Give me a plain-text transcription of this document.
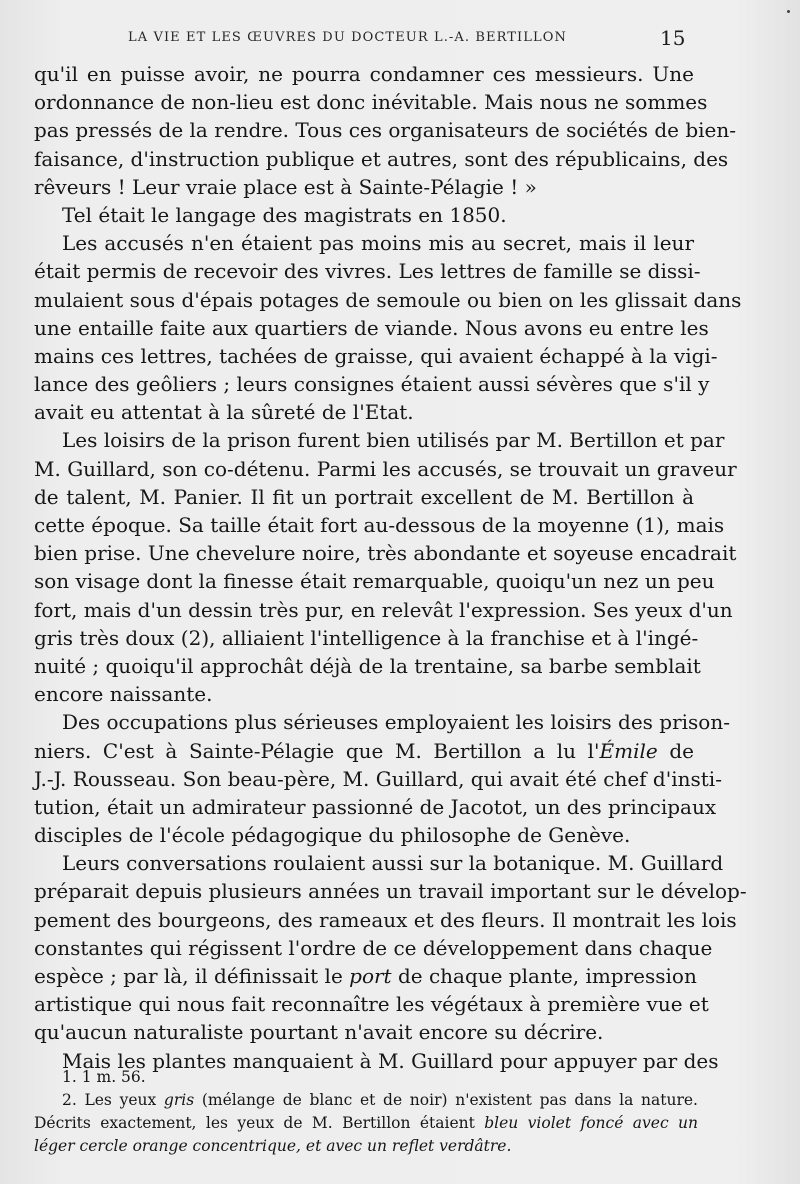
LA VIE ET LES ŒUVRES DU DOCTEUR L.-A. BERTILLON	15
qu'il en puisse avoir, ne pourra condamner ces messieurs. Une
ordonnance de non-lieu est donc inévitable. Mais nous ne sommes
pas pressés de la rendre. Tous ces organisateurs de sociétés de bien-
faisance, d'instruction publique et autres, sont des républicains, des
rêveurs ! Leur vraie place est à Sainte-Pélagie ! »
Tel était le langage des magistrats en 1850.
Les accusés n'en étaient pas moins mis au secret, mais il leur
était permis de recevoir des vivres. Les lettres de famille se dissi-
mulaient sous d'épais potages de semoule ou bien on les glissait dans
une entaille faite aux quartiers de viande. Nous avons eu entre les
mains ces lettres, tachées de graisse, qui avaient échappé à la vigi-
lance des geôliers ; leurs consignes étaient aussi sévères que s'il y
avait eu attentat à la sûreté de l'Etat.
Les loisirs de la prison furent bien utilisés par M. Bertillon et par
M. Guillard, son co-détenu. Parmi les accusés, se trouvait un graveur
de talent, M. Panier. Il fit un portrait excellent de M. Bertillon à
cette époque. Sa taille était fort au-dessous de la moyenne (1), mais
bien prise. Une chevelure noire, très abondante et soyeuse encadrait
son visage dont la finesse était remarquable, quoiqu'un nez un peu
fort, mais d'un dessin très pur, en relevât l'expression. Ses yeux d'un
gris très doux (2), alliaient l'intelligence à la franchise et à l'ingé-
nuité ; quoiqu'il approchât déjà de la trentaine, sa barbe semblait
encore naissante.
Des occupations plus sérieuses employaient les loisirs des prison-
niers. C'est à Sainte-Pélagie que M. Bertillon a lu l'Émile de
J.-J. Rousseau. Son beau-père, M. Guillard, qui avait été chef d'insti-
tution, était un admirateur passionné de Jacotot, un des principaux
disciples de l'école pédagogique du philosophe de Genève.
Leurs conversations roulaient aussi sur la botanique. M. Guillard
préparait depuis plusieurs années un travail important sur le dévelop-
pement des bourgeons, des rameaux et des fleurs. Il montrait les lois
constantes qui régissent l'ordre de ce développement dans chaque
espèce ; par là, il définissait le port de chaque plante, impression
artistique qui nous fait reconnaître les végétaux à première vue et
qu'aucun naturaliste pourtant n'avait encore su décrire.
Mais les plantes manquaient à M. Guillard pour appuyer par des
1. 1 m. 56.
2. Les yeux gris (mélange de blanc et de noir) n'existent pas dans la nature.
Décrits exactement, les yeux de M. Bertillon étaient bleu violet foncé avec un
léger cercle orange concentrique, et avec un reflet verdâtre.
